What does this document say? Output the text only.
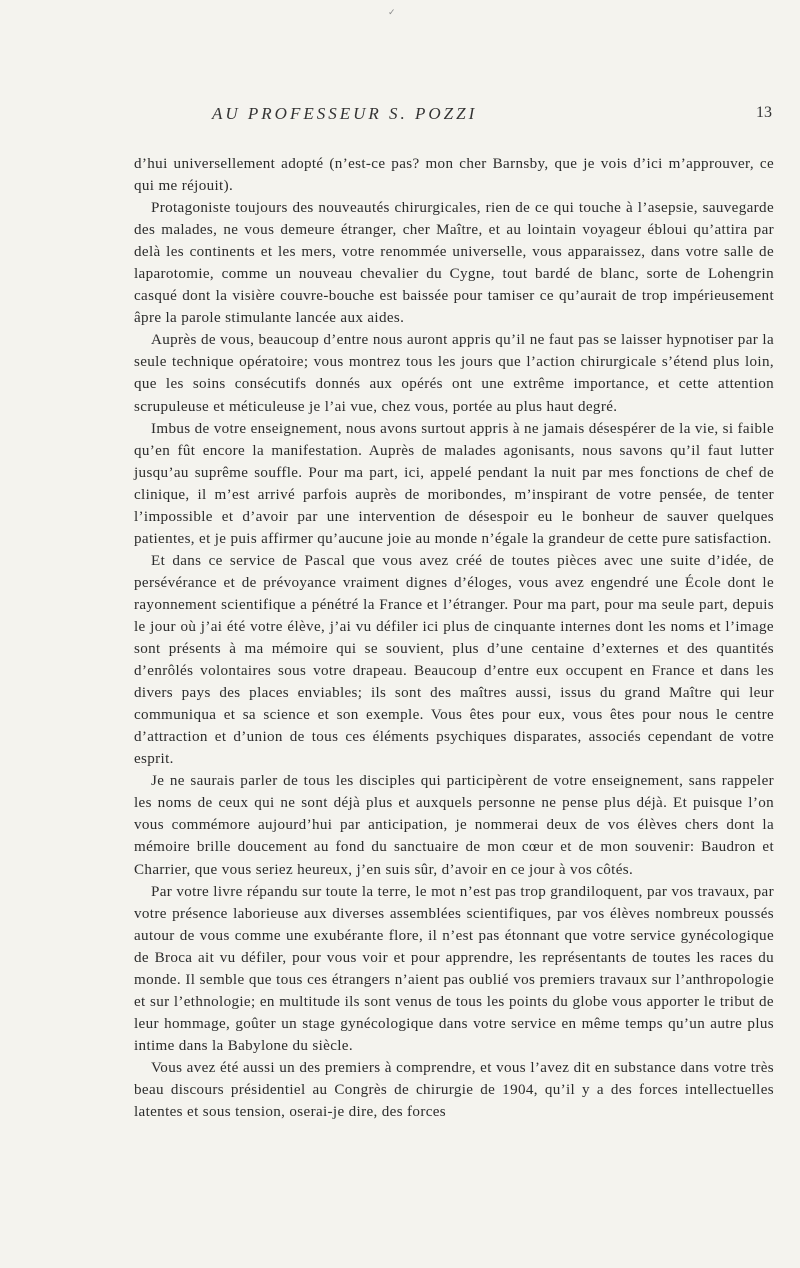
✓
AU PROFESSEUR S. POZZI	13

d’hui universellement adopté (n’est-ce pas? mon cher Barnsby, que je vois d’ici m’approuver, ce qui me réjouit).

Protagoniste toujours des nouveautés chirurgicales, rien de ce qui touche à l’asepsie, sauvegarde des malades, ne vous demeure étranger, cher Maître, et au lointain voyageur ébloui qu’attira par delà les continents et les mers, votre renommée universelle, vous apparaissez, dans votre salle de laparotomie, comme un nouveau chevalier du Cygne, tout bardé de blanc, sorte de Lohengrin casqué dont la visière couvre-bouche est baissée pour tamiser ce qu’aurait de trop impérieusement âpre la parole stimulante lancée aux aides.

Auprès de vous, beaucoup d’entre nous auront appris qu’il ne faut pas se laisser hypnotiser par la seule technique opératoire; vous montrez tous les jours que l’action chirurgicale s’étend plus loin, que les soins consécutifs donnés aux opérés ont une extrême importance, et cette attention scrupuleuse et méticuleuse je l’ai vue, chez vous, portée au plus haut degré.

Imbus de votre enseignement, nous avons surtout appris à ne jamais désespérer de la vie, si faible qu’en fût encore la manifestation. Auprès de malades agonisants, nous savons qu’il faut lutter jusqu’au suprême souffle. Pour ma part, ici, appelé pendant la nuit par mes fonctions de chef de clinique, il m’est arrivé parfois auprès de moribondes, m’inspirant de votre pensée, de tenter l’impossible et d’avoir par une intervention de désespoir eu le bonheur de sauver quelques patientes, et je puis affirmer qu’aucune joie au monde n’égale la grandeur de cette pure satisfaction.

Et dans ce service de Pascal que vous avez créé de toutes pièces avec une suite d’idée, de persévérance et de prévoyance vraiment dignes d’éloges, vous avez engendré une École dont le rayonnement scientifique a pénétré la France et l’étranger. Pour ma part, pour ma seule part, depuis le jour où j’ai été votre élève, j’ai vu défiler ici plus de cinquante internes dont les noms et l’image sont présents à ma mémoire qui se souvient, plus d’une centaine d’externes et des quantités d’enrôlés volontaires sous votre drapeau. Beaucoup d’entre eux occupent en France et dans les divers pays des places enviables; ils sont des maîtres aussi, issus du grand Maître qui leur communiqua et sa science et son exemple. Vous êtes pour eux, vous êtes pour nous le centre d’attraction et d’union de tous ces éléments psychiques disparates, associés cependant de votre esprit.

Je ne saurais parler de tous les disciples qui participèrent de votre enseignement, sans rappeler les noms de ceux qui ne sont déjà plus et auxquels personne ne pense plus déjà. Et puisque l’on vous commémore aujourd’hui par anticipation, je nommerai deux de vos élèves chers dont la mémoire brille doucement au fond du sanctuaire de mon cœur et de mon souvenir: Baudron et Charrier, que vous seriez heureux, j’en suis sûr, d’avoir en ce jour à vos côtés.

Par votre livre répandu sur toute la terre, le mot n’est pas trop grandiloquent, par vos travaux, par votre présence laborieuse aux diverses assemblées scientifiques, par vos élèves nombreux poussés autour de vous comme une exubérante flore, il n’est pas étonnant que votre service gynécologique de Broca ait vu défiler, pour vous voir et pour apprendre, les représentants de toutes les races du monde. Il semble que tous ces étrangers n’aient pas oublié vos premiers travaux sur l’anthropologie et sur l’ethnologie; en multitude ils sont venus de tous les points du globe vous apporter le tribut de leur hommage, goûter un stage gynécologique dans votre service en même temps qu’un autre plus intime dans la Babylone du siècle.

Vous avez été aussi un des premiers à comprendre, et vous l’avez dit en substance dans votre très beau discours présidentiel au Congrès de chirurgie de 1904, qu’il y a des forces intellectuelles latentes et sous tension, oserai-je dire, des forces
